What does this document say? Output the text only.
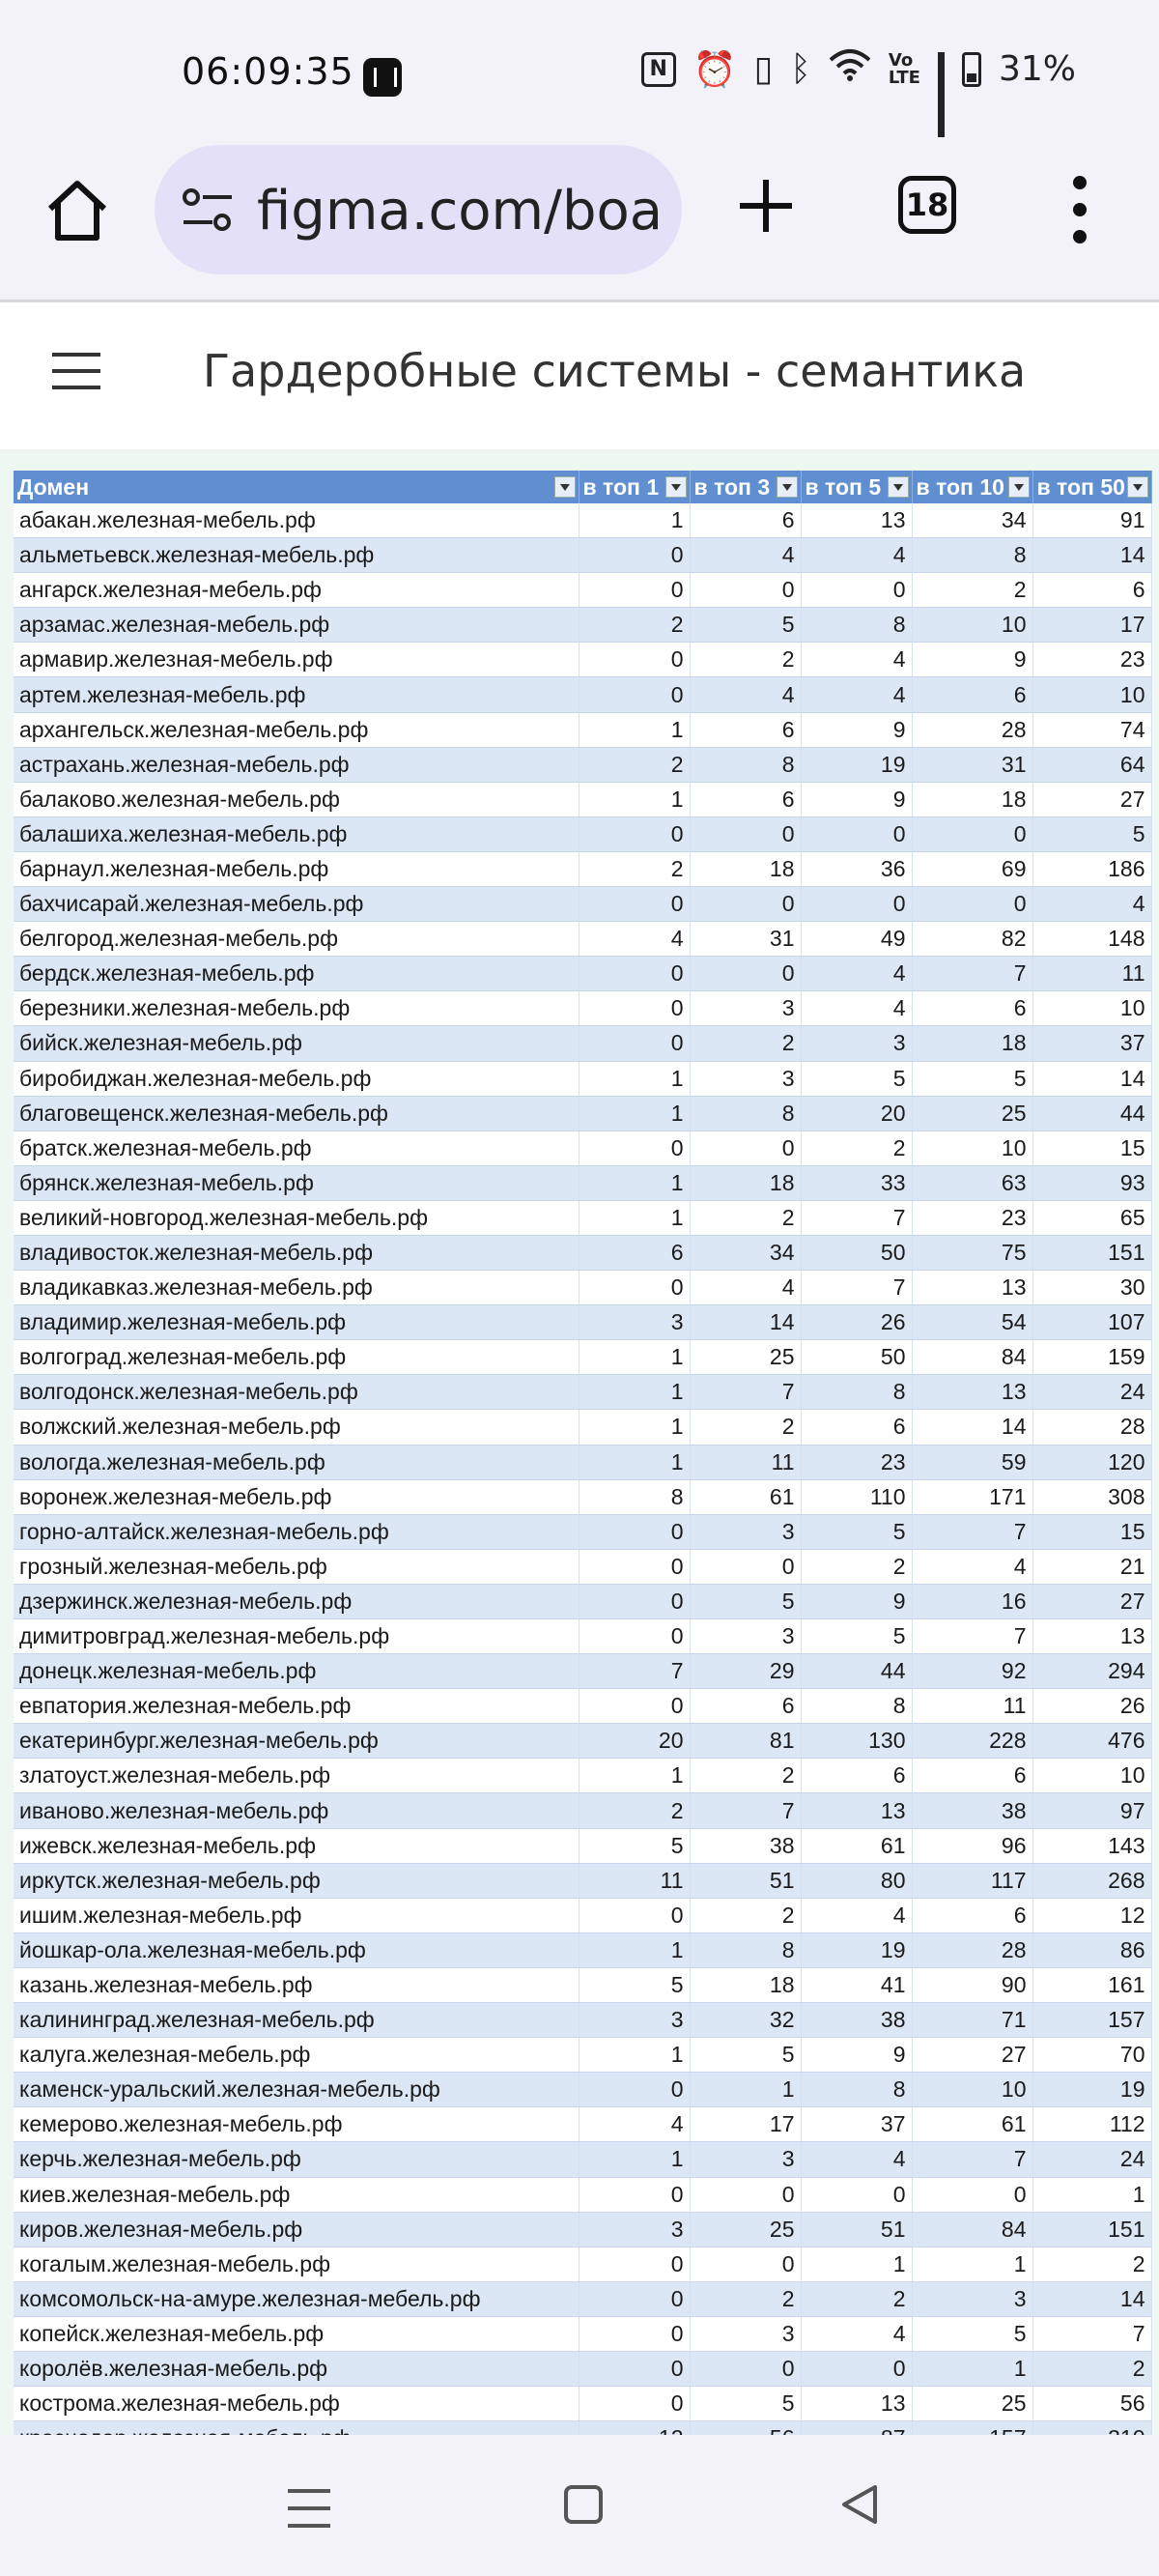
06:09:35	N ⏰ ▯ ᛒ	Vo
LTE 31%
figma.com/boa	18
Гардеробные системы - семантика
Домен	в топ 1	в топ 3	в топ 5	в топ 10	в топ 50

абакан.железная-мебель.рф	1	6	13	34	91
альметьевск.железная-мебель.рф	0	4	4	8	14
ангарск.железная-мебель.рф	0	0	0	2	6
арзамас.железная-мебель.рф	2	5	8	10	17
армавир.железная-мебель.рф	0	2	4	9	23
артем.железная-мебель.рф	0	4	4	6	10
архангельск.железная-мебель.рф	1	6	9	28	74
астрахань.железная-мебель.рф	2	8	19	31	64
балаково.железная-мебель.рф	1	6	9	18	27
балашиха.железная-мебель.рф	0	0	0	0	5
барнаул.железная-мебель.рф	2	18	36	69	186
бахчисарай.железная-мебель.рф	0	0	0	0	4
белгород.железная-мебель.рф	4	31	49	82	148
бердск.железная-мебель.рф	0	0	4	7	11
березники.железная-мебель.рф	0	3	4	6	10
бийск.железная-мебель.рф	0	2	3	18	37
биробиджан.железная-мебель.рф	1	3	5	5	14
благовещенск.железная-мебель.рф	1	8	20	25	44
братск.железная-мебель.рф	0	0	2	10	15
брянск.железная-мебель.рф	1	18	33	63	93
великий-новгород.железная-мебель.рф	1	2	7	23	65
владивосток.железная-мебель.рф	6	34	50	75	151
владикавказ.железная-мебель.рф	0	4	7	13	30
владимир.железная-мебель.рф	3	14	26	54	107
волгоград.железная-мебель.рф	1	25	50	84	159
волгодонск.железная-мебель.рф	1	7	8	13	24
волжский.железная-мебель.рф	1	2	6	14	28
вологда.железная-мебель.рф	1	11	23	59	120
воронеж.железная-мебель.рф	8	61	110	171	308
горно-алтайск.железная-мебель.рф	0	3	5	7	15
грозный.железная-мебель.рф	0	0	2	4	21
дзержинск.железная-мебель.рф	0	5	9	16	27
димитровград.железная-мебель.рф	0	3	5	7	13
донецк.железная-мебель.рф	7	29	44	92	294
евпатория.железная-мебель.рф	0	6	8	11	26
екатеринбург.железная-мебель.рф	20	81	130	228	476
златоуст.железная-мебель.рф	1	2	6	6	10
иваново.железная-мебель.рф	2	7	13	38	97
ижевск.железная-мебель.рф	5	38	61	96	143
иркутск.железная-мебель.рф	11	51	80	117	268
ишим.железная-мебель.рф	0	2	4	6	12
йошкар-ола.железная-мебель.рф	1	8	19	28	86
казань.железная-мебель.рф	5	18	41	90	161
калининград.железная-мебель.рф	3	32	38	71	157
калуга.железная-мебель.рф	1	5	9	27	70
каменск-уральский.железная-мебель.рф	0	1	8	10	19
кемерово.железная-мебель.рф	4	17	37	61	112
керчь.железная-мебель.рф	1	3	4	7	24
киев.железная-мебель.рф	0	0	0	0	1
киров.железная-мебель.рф	3	25	51	84	151
когалым.железная-мебель.рф	0	0	1	1	2
комсомольск-на-амуре.железная-мебель.рф	0	2	2	3	14
копейск.железная-мебель.рф	0	3	4	5	7
королёв.железная-мебель.рф	0	0	0	1	2
кострома.железная-мебель.рф	0	5	13	25	56
